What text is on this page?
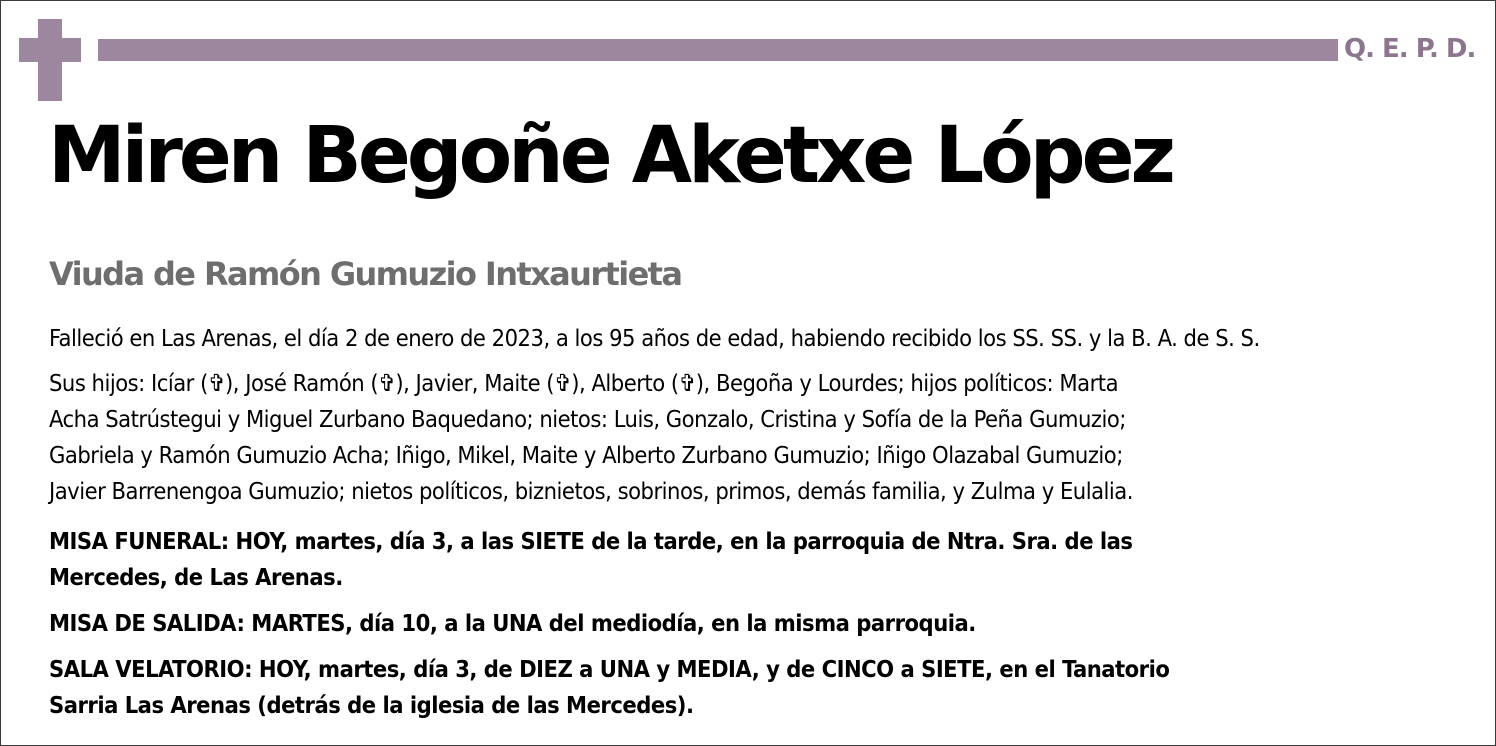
Q. E. P. D.
Miren Begoñe Aketxe López
Viuda de Ramón Gumuzio Intxaurtieta

Falleció en Las Arenas, el día 2 de enero de 2023, a los 95 años de edad, habiendo recibido los SS. SS. y la B. A. de S. S.

Sus hijos: Icíar (✞), José Ramón (✞), Javier, Maite (✞), Alberto (✞), Begoña y Lourdes; hijos políticos: Marta
Acha Satrústegui y Miguel Zurbano Baquedano; nietos: Luis, Gonzalo, Cristina y Sofía de la Peña Gumuzio;
Gabriela y Ramón Gumuzio Acha; Iñigo, Mikel, Maite y Alberto Zurbano Gumuzio; Iñigo Olazabal Gumuzio;
Javier Barrenengoa Gumuzio; nietos políticos, biznietos, sobrinos, primos, demás familia, y Zulma y Eulalia.

MISA FUNERAL: HOY, martes, día 3, a las SIETE de la tarde, en la parroquia de Ntra. Sra. de las
Mercedes, de Las Arenas.

MISA DE SALIDA: MARTES, día 10, a la UNA del mediodía, en la misma parroquia.

SALA VELATORIO: HOY, martes, día 3, de DIEZ a UNA y MEDIA, y de CINCO a SIETE, en el Tanatorio
Sarria Las Arenas (detrás de la iglesia de las Mercedes).
